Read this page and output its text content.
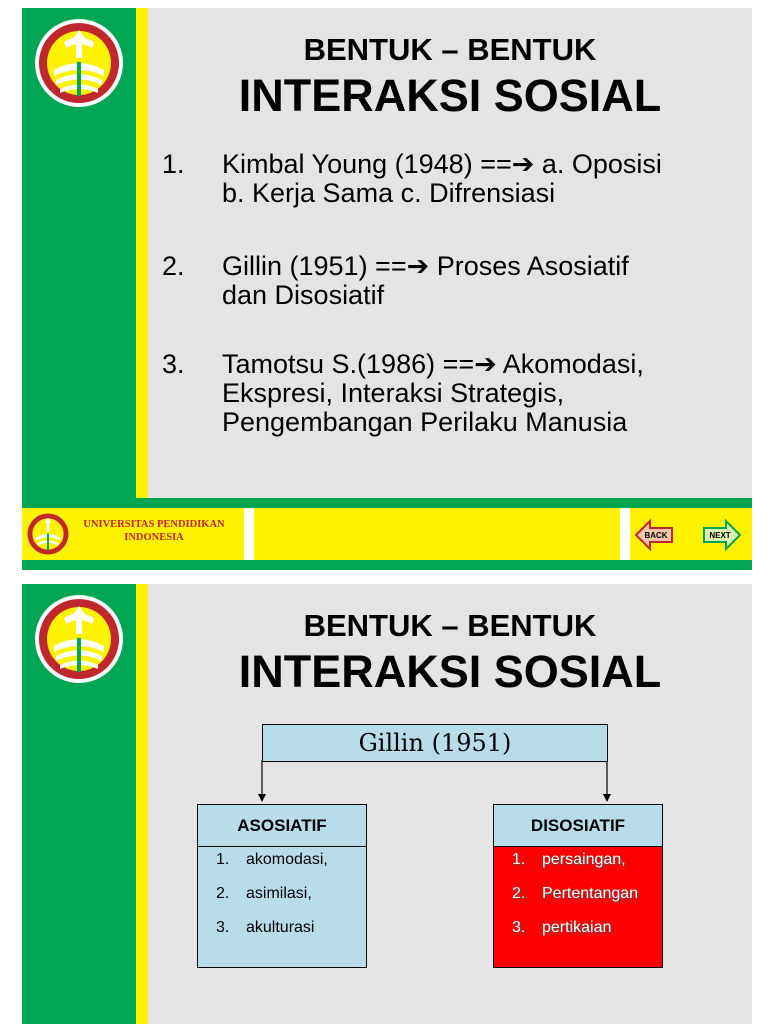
BENTUK – BENTUK
INTERAKSI SOSIAL
1. Kimbal Young (1948) ==➔ a. Oposisi
b. Kerja Sama c. Difrensiasi
2. Gillin (1951) ==➔ Proses Asosiatif
dan Disosiatif
3. Tamotsu S.(1986) ==➔ Akomodasi,
Ekspresi, Interaksi Strategis,
Pengembangan Perilaku Manusia
UNIVERSITAS PENDIDIKAN
INDONESIA	BACK	NEXT
BENTUK – BENTUK
INTERAKSI SOSIAL
Gillin (1951)
ASOSIATIF
1. akomodasi,
2. asimilasi,
3. akulturasi
DISOSIATIF
1. persaingan,
2. Pertentangan
3. pertikaian
